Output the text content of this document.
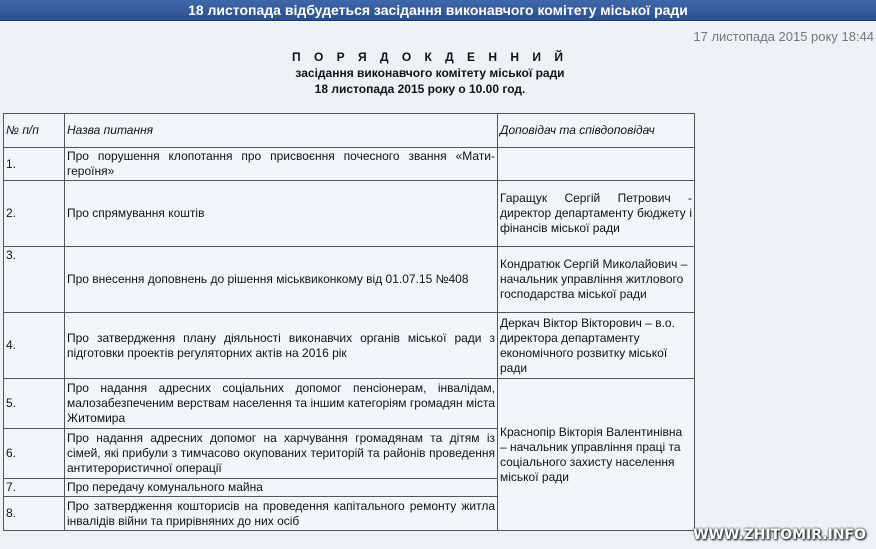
18 листопада відбудеться засідання виконавчого комітету міської ради
17 листопада 2015 року 18:44
П О Р Я Д О К Д Е Н Н И Й
засідання виконавчого комітету міської ради
18 листопада 2015 року о 10.00 год.
№ п/п	Назва питання	Доповідач та співдоповідач
1.	Про порушення клопотання про присвоєння почесного звання «Мати-героїня»	
2.	Про спрямування коштів	Гаращук Сергій Петрович - директор департаменту бюджету і фінансів міської ради
3.	Про внесення доповнень до рішення міськвиконкому від 01.07.15 №408	Кондратюк Сергій Миколайович – начальник управління житлового господарства міської ради
4.	Про затвердження плану діяльності виконавчих органів міської ради з підготовки проектів регуляторних актів на 2016 рік	Деркач Віктор Вікторович – в.о. директора департаменту економічного розвитку міської ради
5.	Про надання адресних соціальних допомог пенсіонерам, інвалідам, малозабезпеченим верствам населення та іншим категоріям громадян міста Житомира	Краснопір Вікторія Валентинівна – начальник управління праці та соціального захисту населення міської ради
6.	Про надання адресних допомог на харчування громадянам та дітям із сімей, які прибули з тимчасово окупованих територій та районів проведення антитерористичної операції	
7.	Про передачу комунального майна	
8.	Про затвердження кошторисів на проведення капітального ремонту житла інвалідів війни та прирівняних до них осіб	
WWW.ZHITOMIR.INFO
